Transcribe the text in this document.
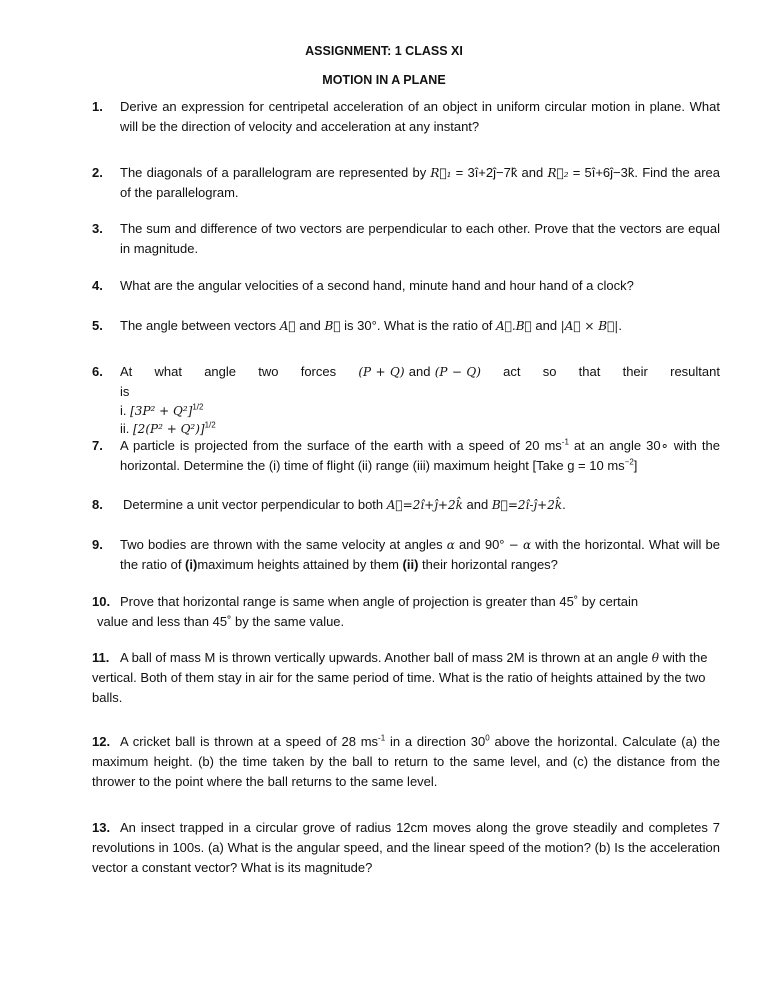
ASSIGNMENT: 1 CLASS XI
MOTION IN A PLANE
1. Derive an expression for centripetal acceleration of an object in uniform circular motion in plane. What will be the direction of velocity and acceleration at any instant?
2. The diagonals of a parallelogram are represented by R⃗₁ = 3î+2ĵ−7k̂ and R⃗₂ = 5î+6ĵ−3k̂. Find the area of the parallelogram.
3. The sum and difference of two vectors are perpendicular to each other. Prove that the vectors are equal in magnitude.
4. What are the angular velocities of a second hand, minute hand and hour hand of a clock?
5. The angle between vectors A⃗ and B⃗ is 30°. What is the ratio of A⃗.B⃗ and |A⃗ × B⃗|.
6. At what angle two forces (P + Q) and (P − Q) act so that their resultant is
i. $[3P^2 + Q^2]^{1/2}$
ii. $[2(P^2 + Q^2)]^{1/2}$
7. A particle is projected from the surface of the earth with a speed of 20 $ms^{-1}$ at an angle 30∘ with the horizontal. Determine the (i) time of flight (ii) range (iii) maximum height [Take g = 10 $ms^{-2}$]
8. Determine a unit vector perpendicular to both A⃗=2î+ĵ+2k̂ and B⃗=2î-ĵ+2k̂.
9. Two bodies are thrown with the same velocity at angles α and 90° − α with the horizontal. What will be the ratio of (i)maximum heights attained by them (ii) their horizontal ranges?
10. Prove that horizontal range is same when angle of projection is greater than 45˚ by certain value and less than 45˚ by the same value.
11. A ball of mass M is thrown vertically upwards. Another ball of mass 2M is thrown at an angle θ with the vertical. Both of them stay in air for the same period of time. What is the ratio of heights attained by the two balls.
12. A cricket ball is thrown at a speed of 28 $ms^{-1}$ in a direction $30^0$ above the horizontal. Calculate (a) the maximum height. (b) the time taken by the ball to return to the same level, and (c) the distance from the thrower to the point where the ball returns to the same level.
13. An insect trapped in a circular grove of radius 12cm moves along the grove steadily and completes 7 revolutions in 100s. (a) What is the angular speed, and the linear speed of the motion? (b) Is the acceleration vector a constant vector? What is its magnitude?
